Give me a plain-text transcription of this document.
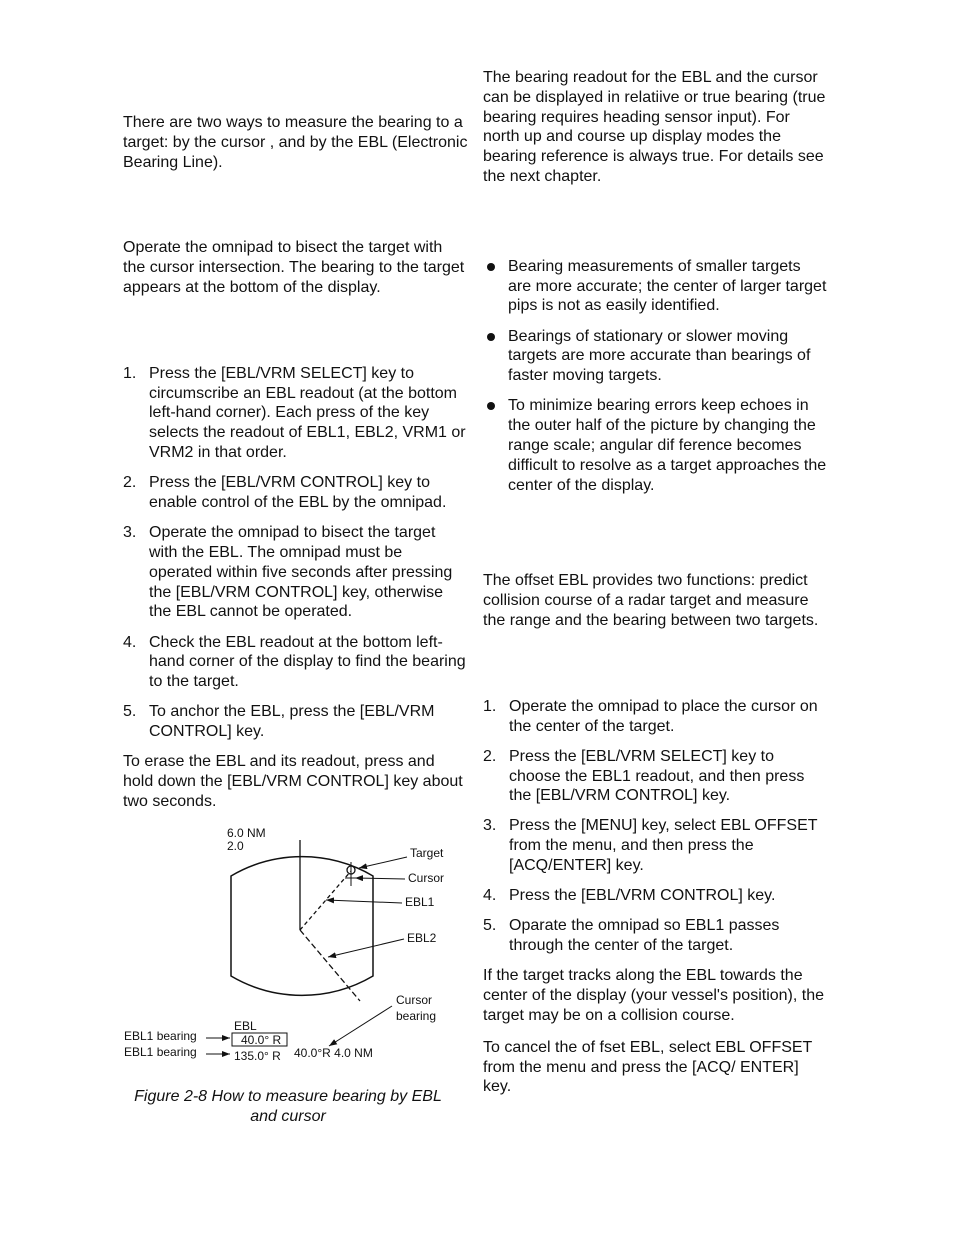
There are two ways to measure the bearing to a target: by the cursor , and by the EBL (Electronic Bearing Line).

Operate the omnipad to bisect the target with the cursor intersection. The bearing to the target appears at the bottom of the display.

1. Press the [EBL/VRM SELECT] key to circumscribe an EBL readout (at the bottom left-hand corner). Each press of the key selects the readout of EBL1, EBL2, VRM1 or VRM2 in that order.
2. Press the [EBL/VRM CONTROL] key to enable control of the EBL by the omnipad.
3. Operate the omnipad to bisect the target with the EBL. The omnipad must be operated within five seconds after pressing the [EBL/VRM CONTROL] key, otherwise the EBL cannot be operated.
4. Check the EBL readout at the bottom left-hand corner of the display to find the bearing to the target.
5. To anchor the EBL, press the [EBL/VRM CONTROL] key.

To erase the EBL and its readout, press and hold down the [EBL/VRM CONTROL] key about two seconds.

6.0 NM
2.0	Target
Cursor
EBL1
EBL2
Cursor
bearing
EBL
40.0° R
135.0° R 40.0°R 4.0 NM
EBL1 bearing
EBL1 bearing
Figure 2-8 How to measure bearing by EBL
and cursor

The bearing readout for the EBL and the cursor can be displayed in relatiive or true bearing (true bearing requires heading sensor input). For north up and course up display modes the bearing reference is always true. For details see the next chapter.

Bearing measurements of smaller targets are more accurate; the center of larger target pips is not as easily identified.
Bearings of stationary or slower moving targets are more accurate than bearings of faster moving targets.
To minimize bearing errors keep echoes in the outer half of the picture by changing the range scale; angular dif ference becomes difficult to resolve as a target approaches the center of the display.

The offset EBL provides two functions: predict collision course of a radar target and measure the range and the bearing between two targets.

1. Operate the omnipad to place the cursor on the center of the target.
2. Press the [EBL/VRM SELECT] key to choose the EBL1 readout, and then press the [EBL/VRM CONTROL] key.
3. Press the [MENU] key, select EBL OFFSET from the menu, and then press the [ACQ/ENTER] key.
4. Press the [EBL/VRM CONTROL] key.
5. Oparate the omnipad so EBL1 passes through the center of the target.

If the target tracks along the EBL towards the center of the display (your vessel's position), the target may be on a collision course.

To cancel the of fset EBL, select EBL OFFSET from the menu and press the [ACQ/ ENTER] key.
